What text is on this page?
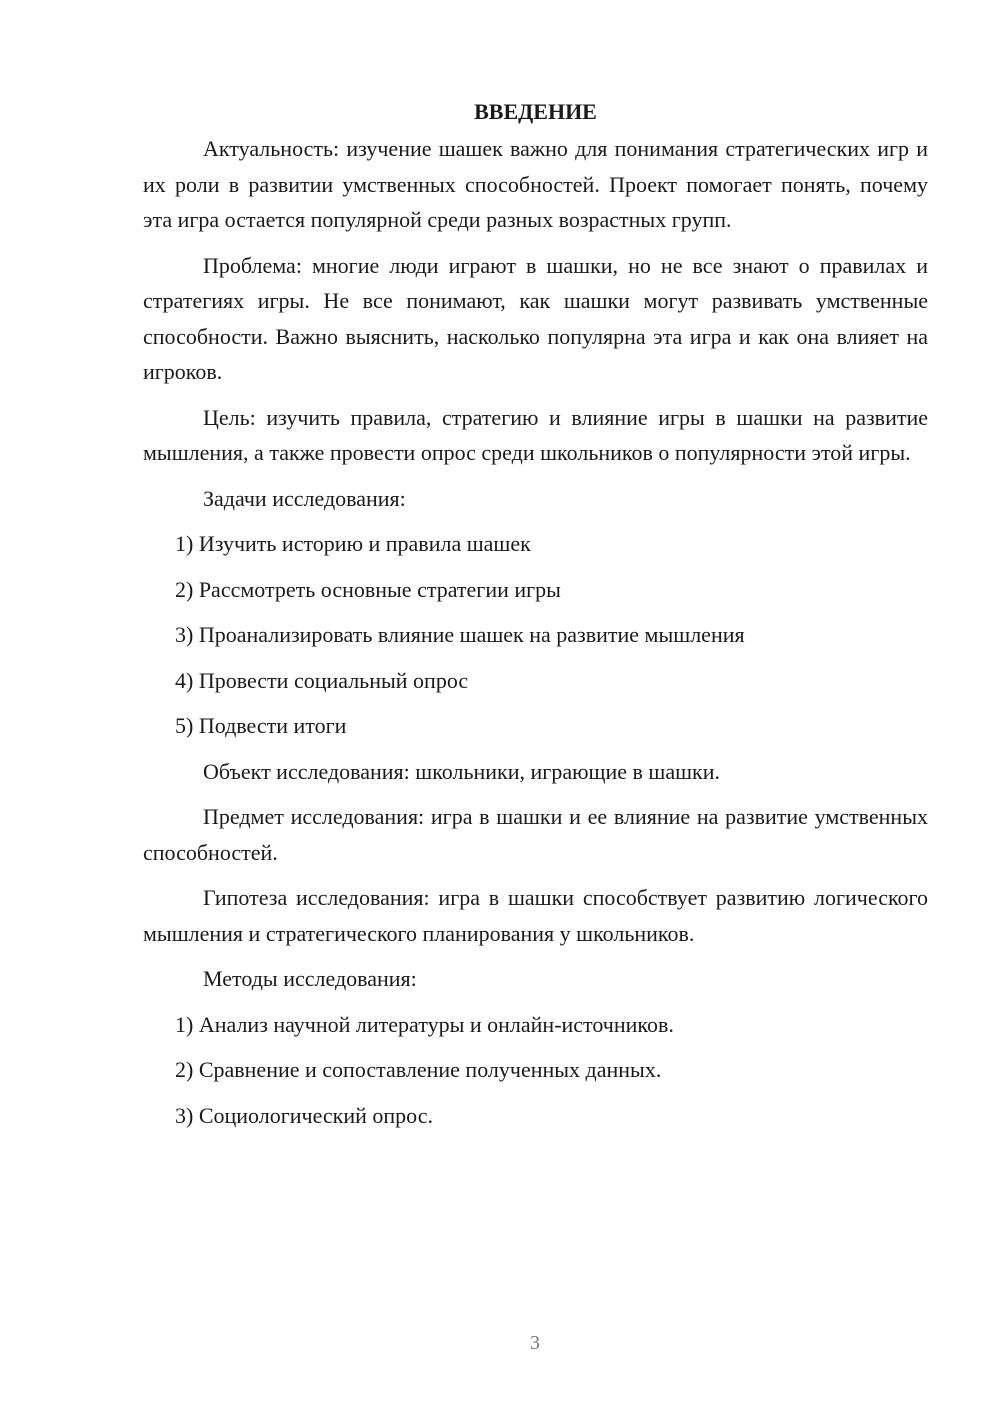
ВВЕДЕНИЕ

Актуальность: изучение шашек важно для понимания стратегических игр и их роли в развитии умственных способностей. Проект помогает понять, почему эта игра остается популярной среди разных возрастных групп.

Проблема: многие люди играют в шашки, но не все знают о правилах и стратегиях игры. Не все понимают, как шашки могут развивать умственные способности. Важно выяснить, насколько популярна эта игра и как она влияет на игроков.

Цель: изучить правила, стратегию и влияние игры в шашки на развитие мышления, а также провести опрос среди школьников о популярности этой игры.

Задачи исследования:
1) Изучить историю и правила шашек
2) Рассмотреть основные стратегии игры
3) Проанализировать влияние шашек на развитие мышления
4) Провести социальный опрос
5) Подвести итоги
Объект исследования: школьники, играющие в шашки.

Предмет исследования: игра в шашки и ее влияние на развитие умственных способностей.

Гипотеза исследования: игра в шашки способствует развитию логического мышления и стратегического планирования у школьников.

Методы исследования:
1) Анализ научной литературы и онлайн-источников.
2) Сравнение и сопоставление полученных данных.
3) Социологический опрос.
3
